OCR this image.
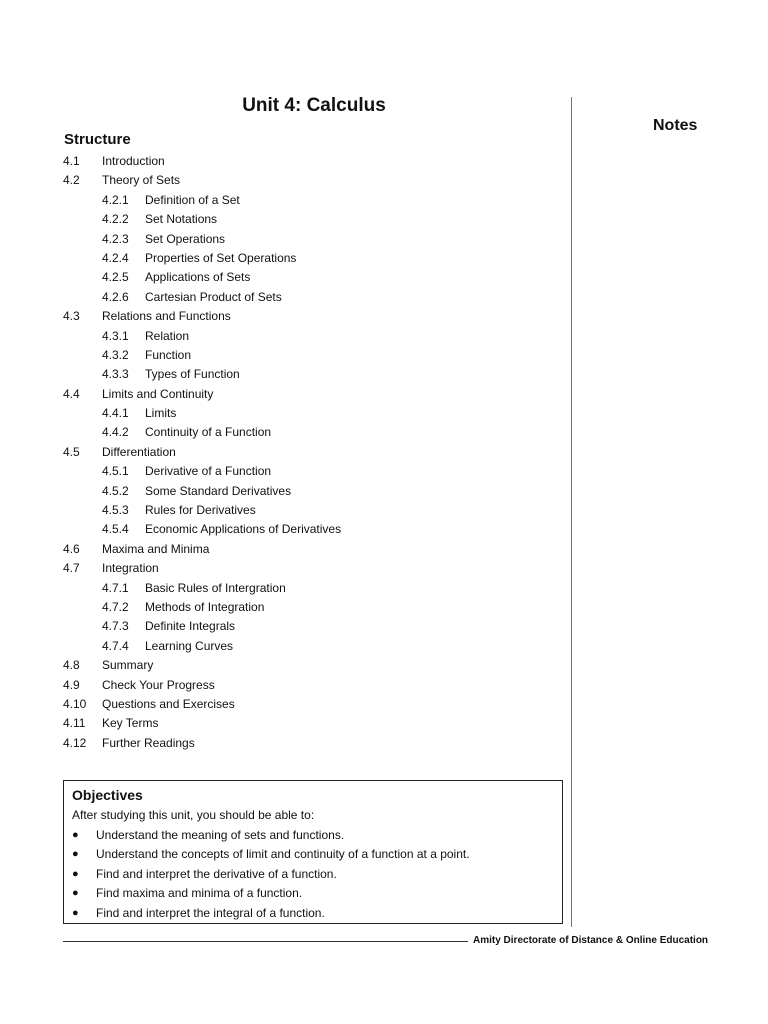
Unit 4: Calculus
Notes
Structure
4.1 Introduction
4.2 Theory of Sets
4.2.1 Definition of a Set
4.2.2 Set Notations
4.2.3 Set Operations
4.2.4 Properties of Set Operations
4.2.5 Applications of Sets
4.2.6 Cartesian Product of Sets
4.3 Relations and Functions
4.3.1 Relation
4.3.2 Function
4.3.3 Types of Function
4.4 Limits and Continuity
4.4.1 Limits
4.4.2 Continuity of a Function
4.5 Differentiation
4.5.1 Derivative of a Function
4.5.2 Some Standard Derivatives
4.5.3 Rules for Derivatives
4.5.4 Economic Applications of Derivatives
4.6 Maxima and Minima
4.7 Integration
4.7.1 Basic Rules of Intergration
4.7.2 Methods of Integration
4.7.3 Definite Integrals
4.7.4 Learning Curves
4.8 Summary
4.9 Check Your Progress
4.10 Questions and Exercises
4.11 Key Terms
4.12 Further Readings
Objectives
After studying this unit, you should be able to:
● Understand the meaning of sets and functions.
● Understand the concepts of limit and continuity of a function at a point.
● Find and interpret the derivative of a function.
● Find maxima and minima of a function.
● Find and interpret the integral of a function.
Amity Directorate of Distance & Online Education
